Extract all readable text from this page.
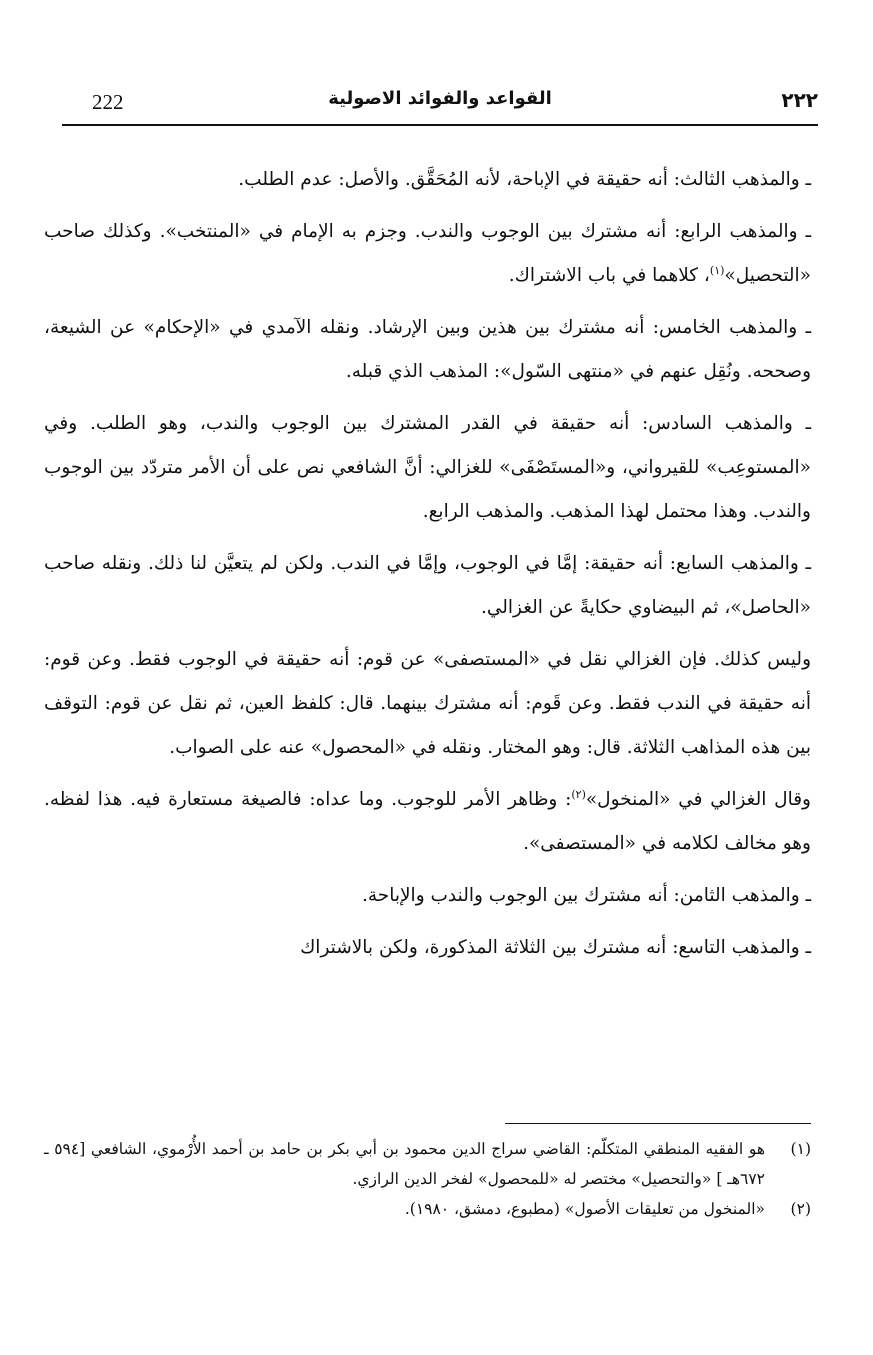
222	القواعد والفوائد الاصولية	٢٢٢

ـ والمذهب الثالث: أنه حقيقة في الإباحة، لأنه المُحَقَّق. والأصل: عدم الطلب.

ـ والمذهب الرابع: أنه مشترك بين الوجوب والندب. وجزم به الإمام في «المنتخب». وكذلك صاحب «التحصيل»$^{(١)}$، كلاهما في باب الاشتراك.

ـ والمذهب الخامس: أنه مشترك بين هذين وبين الإرشاد. ونقله الآمدي في «الإحكام» عن الشيعة، وصححه. ونُقِل عنهم في «منتهى السّول»: المذهب الذي قبله.

ـ والمذهب السادس: أنه حقيقة في القدر المشترك بين الوجوب والندب، وهو الطلب. وفي «المستوعِب» للقيرواني، و«المستَصْفَى» للغزالي: أنَّ الشافعي نص على أن الأمر متردّد بين الوجوب والندب. وهذا محتمل لهذا المذهب. والمذهب الرابع.

ـ والمذهب السابع: أنه حقيقة: إمَّا في الوجوب، وإمَّا في الندب. ولكن لم يتعيَّن لنا ذلك. ونقله صاحب «الحاصل»، ثم البيضاوي حكايةً عن الغزالي.

وليس كذلك. فإن الغزالي نقل في «المستصفى» عن قوم: أنه حقيقة في الوجوب فقط. وعن قوم: أنه حقيقة في الندب فقط. وعن قَوم: أنه مشترك بينهما. قال: كلفظ العين، ثم نقل عن قوم: التوقف بين هذه المذاهب الثلاثة. قال: وهو المختار. ونقله في «المحصول» عنه على الصواب.

وقال الغزالي في «المنخول»$^{(٢)}$: وظاهر الأمر للوجوب. وما عداه: فالصيغة مستعارة فيه. هذا لفظه. وهو مخالف لكلامه في «المستصفى».

ـ والمذهب الثامن: أنه مشترك بين الوجوب والندب والإباحة.

ـ والمذهب التاسع: أنه مشترك بين الثلاثة المذكورة، ولكن بالاشتراك

(١)
هو الفقيه المنطقي المتكلّم: القاضي سراج الدين محمود بن أبي بكر بن حامد بن أحمد الأُرْموي، الشافعي [٥٩٤ ـ ٦٧٢هـ ] «والتحصيل» مختصر له «للمحصول» لفخر الدين الرازي.
(٢)
«المنخول من تعليقات الأصول» (مطبوع، دمشق، ١٩٨٠).
